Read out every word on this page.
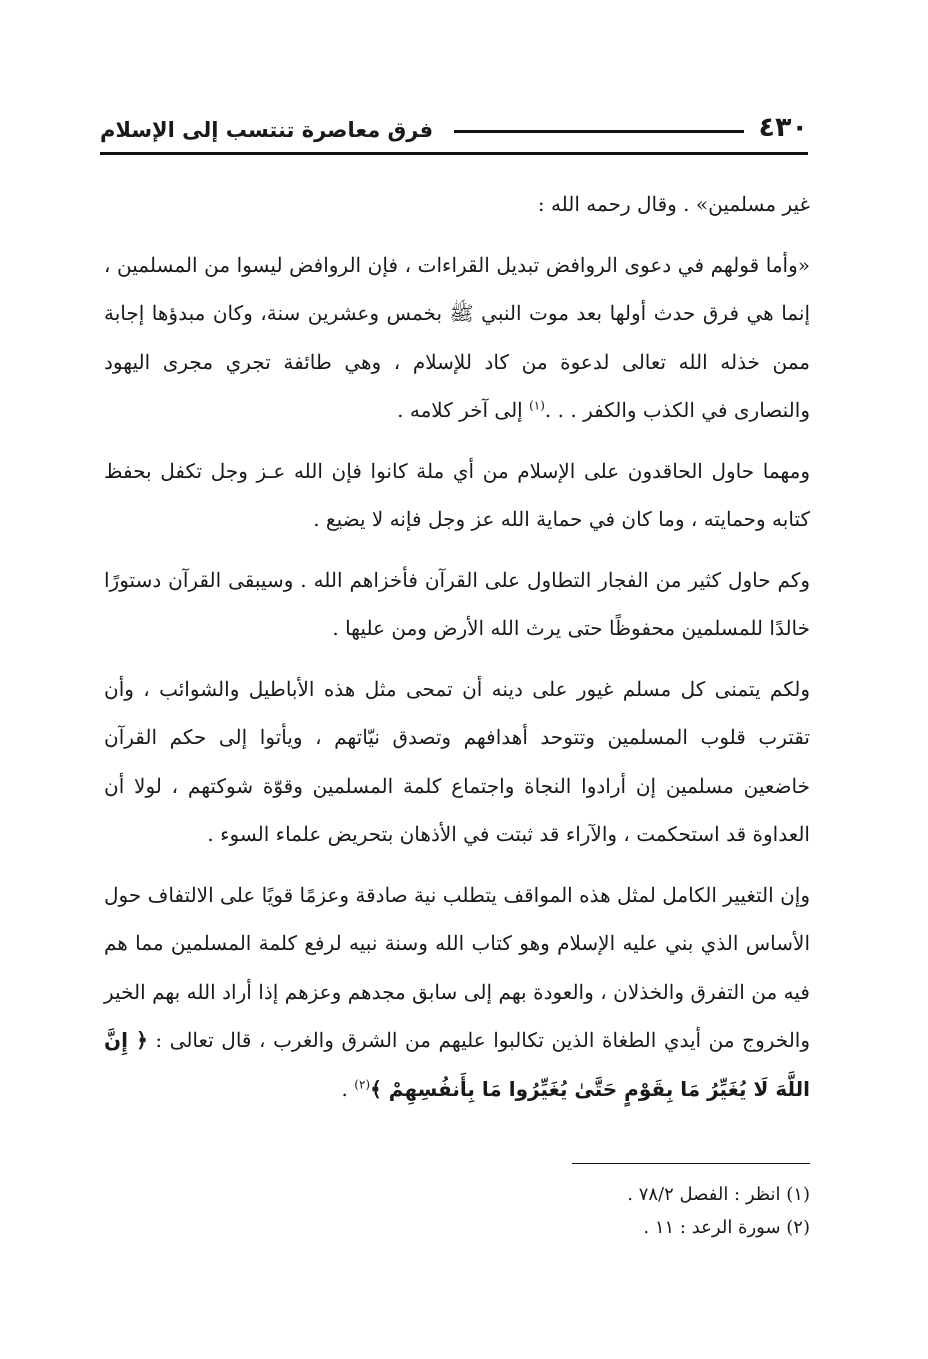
٤٣٠
فرق معاصرة تنتسب إلى الإسلام

غير مسلمين» . وقال رحمه الله :

«وأما قولهم في دعوى الروافض تبديل القراءات ، فإن الروافض ليسوا من المسلمين ، إنما هي فرق حدث أولها بعد موت النبي ﷺ بخمس وعشرين سنة، وكان مبدؤها إجابة ممن خذله الله تعالى لدعوة من كاد للإسلام ، وهي طائفة تجري مجرى اليهود والنصارى في الكذب والكفر . . .$^{(١)}$ إلى آخر كلامه .

ومهما حاول الحاقدون على الإسلام من أي ملة كانوا فإن الله عـز وجل تكفل بحفظ كتابه وحمايته ، وما كان في حماية الله عز وجل فإنه لا يضيع .

وكم حاول كثير من الفجار التطاول على القرآن فأخزاهم الله . وسيبقى القرآن دستورًا خالدًا للمسلمين محفوظًا حتى يرث الله الأرض ومن عليها .

ولكم يتمنى كل مسلم غيور على دينه أن تمحى مثل هذه الأباطيل والشوائب ، وأن تقترب قلوب المسلمين وتتوحد أهدافهم وتصدق نيّاتهم ، ويأتوا إلى حكم القرآن خاضعين مسلمين إن أرادوا النجاة واجتماع كلمة المسلمين وقوّة شوكتهم ، لولا أن العداوة قد استحكمت ، والآراء قد ثبتت في الأذهان بتحريض علماء السوء .

وإن التغيير الكامل لمثل هذه المواقف يتطلب نية صادقة وعزمًا قويًا على الالتفاف حول الأساس الذي بني عليه الإسلام وهو كتاب الله وسنة نبيه لرفع كلمة المسلمين مما هم فيه من التفرق والخذلان ، والعودة بهم إلى سابق مجدهم وعزهم إذا أراد الله بهم الخير والخروج من أيدي الطغاة الذين تكالبوا عليهم من الشرق والغرب ، قال تعالى : ﴿ إِنَّ اللَّهَ لَا يُغَيِّرُ مَا بِقَوْمٍ حَتَّىٰ يُغَيِّرُوا مَا بِأَنفُسِهِمْ ﴾$^{(٢)}$ .

(١) انظر : الفصل ٧٨/٢ .

(٢) سورة الرعد : ١١ .
